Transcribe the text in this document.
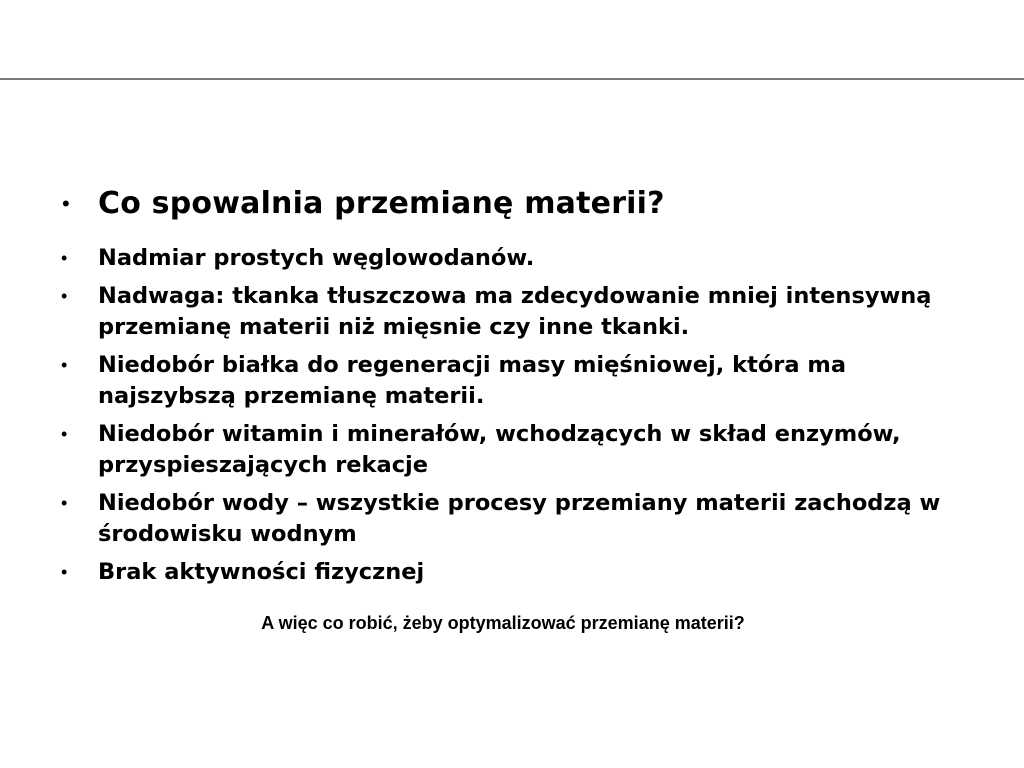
• Co spowalnia przemianę materii?
•	Nadmiar prostych węglowodanów.
•	Nadwaga: tkanka tłuszczowa ma zdecydowanie mniej intensywną przemianę materii niż mięsnie czy inne tkanki.
•	Niedobór białka do regeneracji masy mięśniowej, która ma najszybszą przemianę materii.
•	Niedobór witamin i minerałów, wchodzących w skład enzymów, przyspieszających rekacje
•	Niedobór wody – wszystkie procesy przemiany materii zachodzą w środowisku wodnym
•	Brak aktywności fizycznej
A więc co robić, żeby optymalizować przemianę materii?
